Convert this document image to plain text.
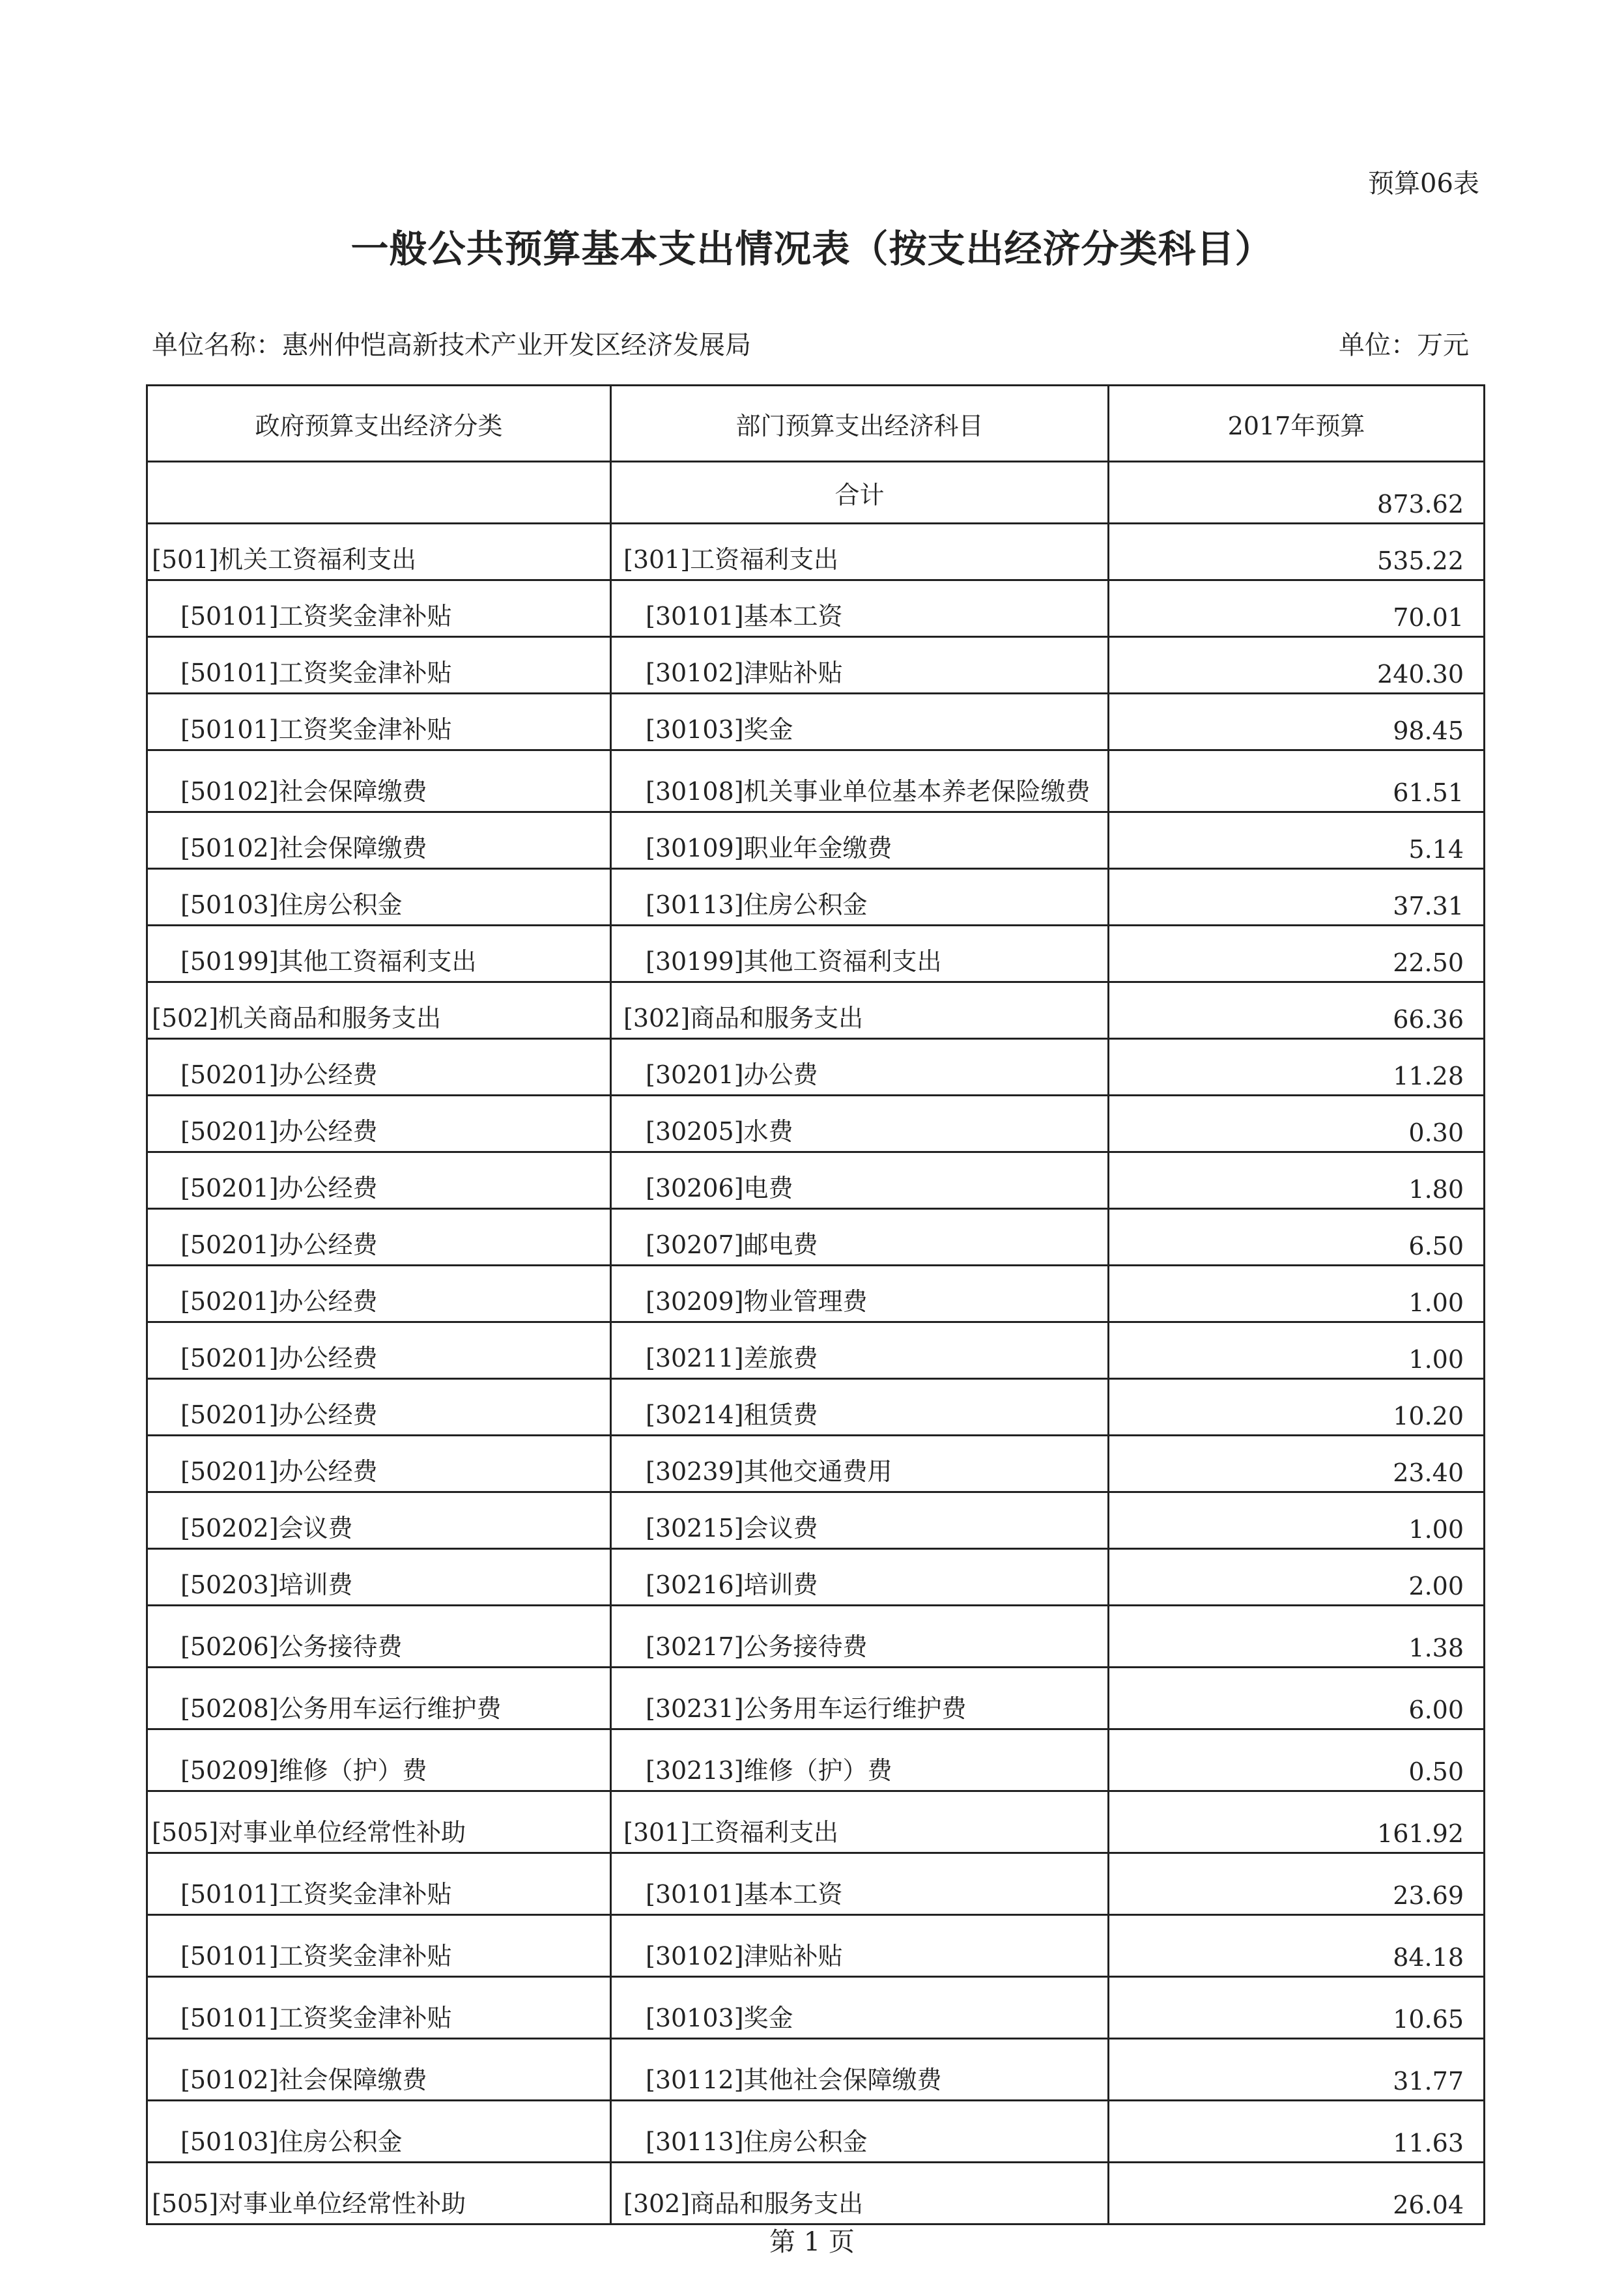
预算06表
一般公共预算基本支出情况表（按支出经济分类科目）
单位名称：惠州仲恺高新技术产业开发区经济发展局	单位：万元
政府预算支出经济分类	部门预算支出经济科目	2017年预算
	合计	873.62
[501]机关工资福利支出	[301]工资福利支出	535.22
[50101]工资奖金津补贴	[30101]基本工资	70.01
[50101]工资奖金津补贴	[30102]津贴补贴	240.30
[50101]工资奖金津补贴	[30103]奖金	98.45
[50102]社会保障缴费	[30108]机关事业单位基本养老保险缴费	61.51
[50102]社会保障缴费	[30109]职业年金缴费	5.14
[50103]住房公积金	[30113]住房公积金	37.31
[50199]其他工资福利支出	[30199]其他工资福利支出	22.50
[502]机关商品和服务支出	[302]商品和服务支出	66.36
[50201]办公经费	[30201]办公费	11.28
[50201]办公经费	[30205]水费	0.30
[50201]办公经费	[30206]电费	1.80
[50201]办公经费	[30207]邮电费	6.50
[50201]办公经费	[30209]物业管理费	1.00
[50201]办公经费	[30211]差旅费	1.00
[50201]办公经费	[30214]租赁费	10.20
[50201]办公经费	[30239]其他交通费用	23.40
[50202]会议费	[30215]会议费	1.00
[50203]培训费	[30216]培训费	2.00
[50206]公务接待费	[30217]公务接待费	1.38
[50208]公务用车运行维护费	[30231]公务用车运行维护费	6.00
[50209]维修（护）费	[30213]维修（护）费	0.50
[505]对事业单位经常性补助	[301]工资福利支出	161.92
[50101]工资奖金津补贴	[30101]基本工资	23.69
[50101]工资奖金津补贴	[30102]津贴补贴	84.18
[50101]工资奖金津补贴	[30103]奖金	10.65
[50102]社会保障缴费	[30112]其他社会保障缴费	31.77
[50103]住房公积金	[30113]住房公积金	11.63
[505]对事业单位经常性补助	[302]商品和服务支出	26.04
第 1 页
